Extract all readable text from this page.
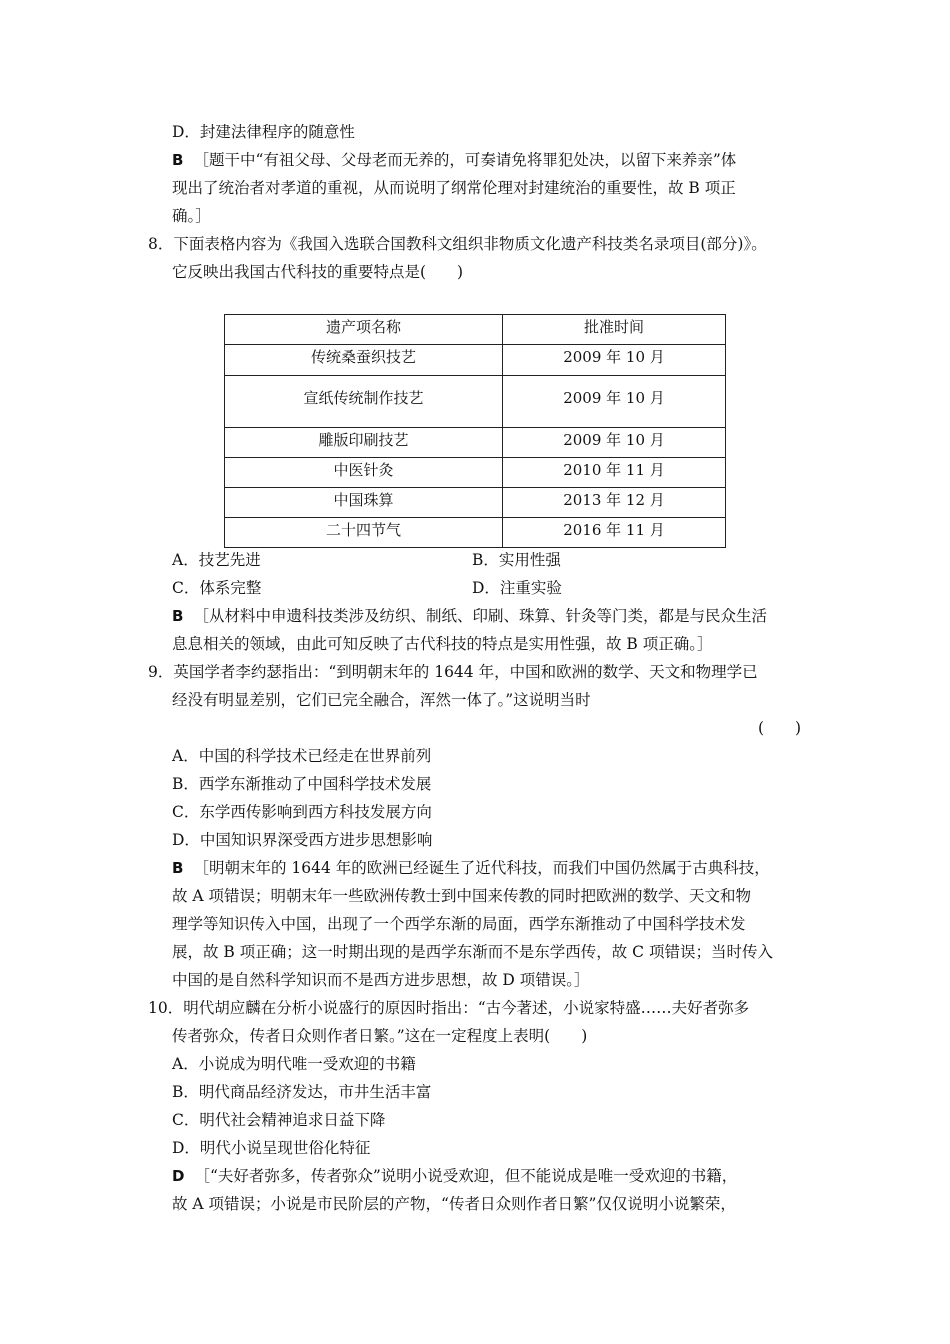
D．封建法律程序的随意性
B ［题干中“有祖父母、父母老而无养的，可奏请免将罪犯处决，以留下来养亲”体
现出了统治者对孝道的重视，从而说明了纲常伦理对封建统治的重要性，故 B 项正
确。］
8．下面表格内容为《我国入选联合国教科文组织非物质文化遗产科技类名录项目(部分)》。
它反映出我国古代科技的重要特点是(　　)
遗产项名称	批准时间
传统桑蚕织技艺	2009 年 10 月
宣纸传统制作技艺	2009 年 10 月
雕版印刷技艺	2009 年 10 月
中医针灸	2010 年 11 月
中国珠算	2013 年 12 月
二十四节气	2016 年 11 月
A．技艺先进	B．实用性强
C．体系完整	D．注重实验
B ［从材料中申遗科技类涉及纺织、制纸、印刷、珠算、针灸等门类，都是与民众生活
息息相关的领域，由此可知反映了古代科技的特点是实用性强，故 B 项正确。］
9．英国学者李约瑟指出：“到明朝末年的 1644 年，中国和欧洲的数学、天文和物理学已
经没有明显差别，它们已完全融合，浑然一体了。”这说明当时
(　　)
A．中国的科学技术已经走在世界前列
B．西学东渐推动了中国科学技术发展
C．东学西传影响到西方科技发展方向
D．中国知识界深受西方进步思想影响
B ［明朝末年的 1644 年的欧洲已经诞生了近代科技，而我们中国仍然属于古典科技，
故 A 项错误；明朝末年一些欧洲传教士到中国来传教的同时把欧洲的数学、天文和物
理学等知识传入中国，出现了一个西学东渐的局面，西学东渐推动了中国科学技术发
展，故 B 项正确；这一时期出现的是西学东渐而不是东学西传，故 C 项错误；当时传入
中国的是自然科学知识而不是西方进步思想，故 D 项错误。］
10．明代胡应麟在分析小说盛行的原因时指出：“古今著述，小说家特盛……夫好者弥多
传者弥众，传者日众则作者日繁。”这在一定程度上表明(　　)
A．小说成为明代唯一受欢迎的书籍
B．明代商品经济发达，市井生活丰富
C．明代社会精神追求日益下降
D．明代小说呈现世俗化特征
D ［“夫好者弥多，传者弥众”说明小说受欢迎，但不能说成是唯一受欢迎的书籍，
故 A 项错误；小说是市民阶层的产物，“传者日众则作者日繁”仅仅说明小说繁荣，
